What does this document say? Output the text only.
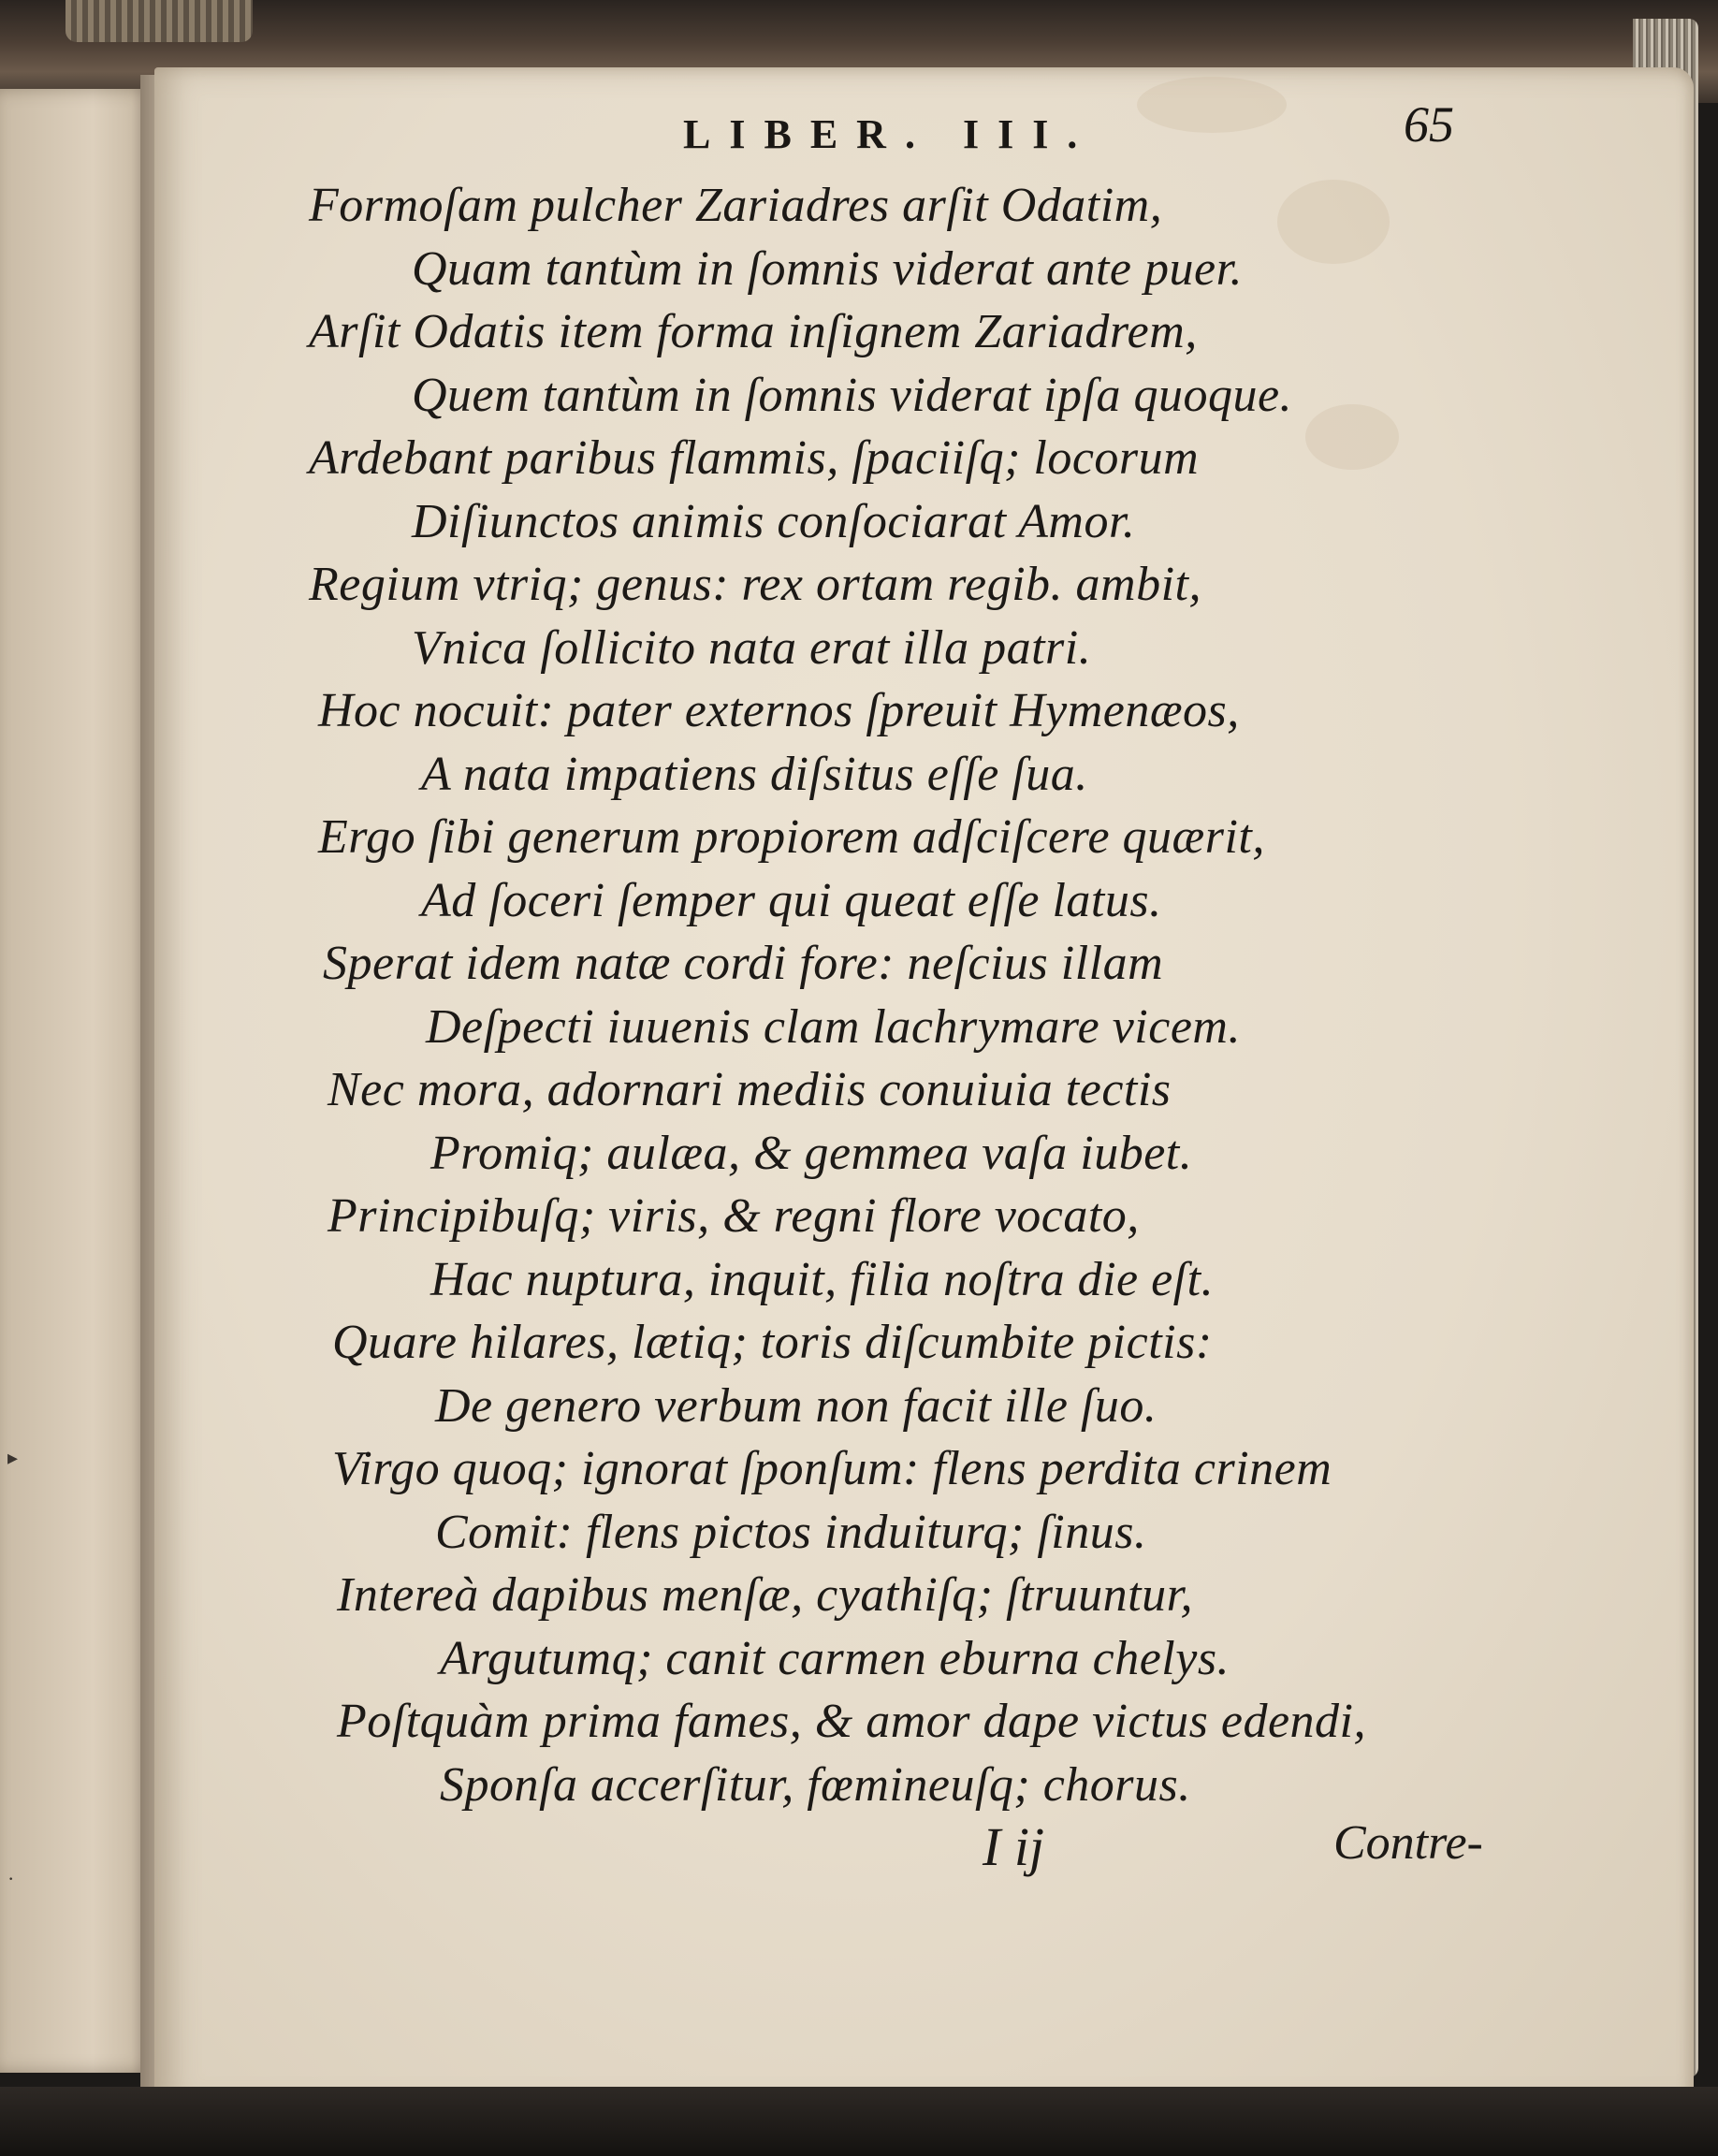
▸
·
LIBER. III.	65
Formoſam pulcher Zariadres arſit Odatim,
Quam tantùm in ſomnis viderat ante puer.
Arſit Odatis item forma inſignem Zariadrem,
Quem tantùm in ſomnis viderat ipſa quoque.
Ardebant paribus flammis, ſpaciiſq; locorum
Diſiunctos animis conſociarat Amor.
Regium vtriq; genus: rex ortam regib. ambit,
Vnica ſollicito nata erat illa patri.
Hoc nocuit: pater externos ſpreuit Hymenæos,
A nata impatiens diſsitus eſſe ſua.
Ergo ſibi generum propiorem adſciſcere quærit,
Ad ſoceri ſemper qui queat eſſe latus.
Sperat idem natæ cordi fore: neſcius illam
Deſpecti iuuenis clam lachrymare vicem.
Nec mora, adornari mediis conuiuia tectis
Promiq; aulæa, & gemmea vaſa iubet.
Principibuſq; viris, & regni flore vocato,
Hac nuptura, inquit, filia noſtra die eſt.
Quare hilares, lætiq; toris diſcumbite pictis:
De genero verbum non facit ille ſuo.
Virgo quoq; ignorat ſponſum: flens perdita crinem
Comit: flens pictos induiturq; ſinus.
Intereà dapibus menſæ, cyathiſq; ſtruuntur,
Argutumq; canit carmen eburna chelys.
Poſtquàm prima fames, & amor dape victus edendi,
Sponſa accerſitur, fœmineuſq; chorus.
I ij	Contre-
